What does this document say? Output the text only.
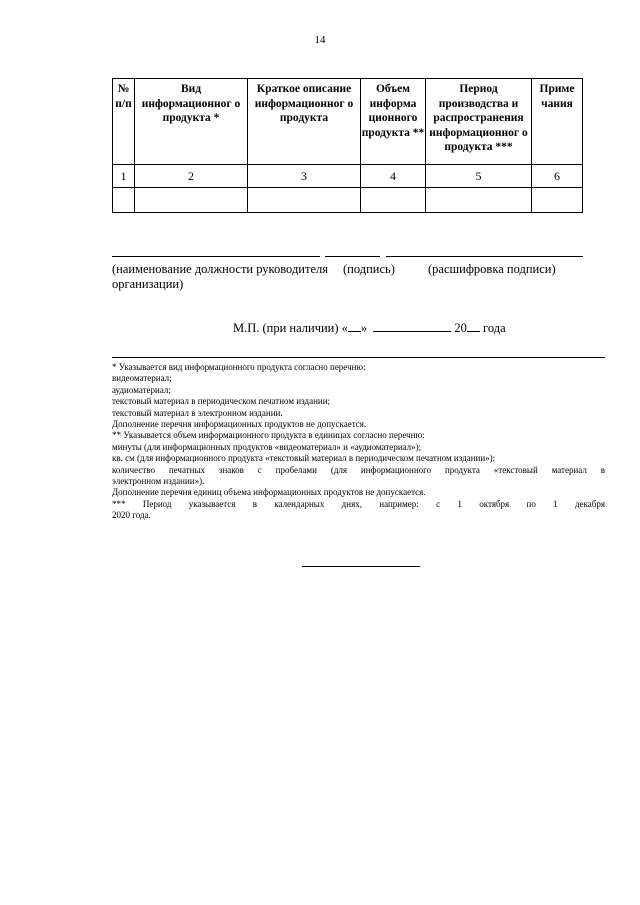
14
№ п/п	Вид информационног о продукта *	Краткое описание информационног о продукта	Объем информа ционного продукта **	Период производства и распространения информационног о продукта ***	Приме чания
1	2	3	4	5	6

(наименование должности руководителя (подпись)	(расшифровка подписи)
организации)
М.П. (при наличии) « »	20 года

* Указывается вид информационного продукта согласно перечню:

видеоматериал;

аудиоматериал;

текстовый материал в периодическом печатном издании;

текстовый материал в электронном издании.

Дополнение перечня информационных продуктов не допускается.

** Указывается объем информационного продукта в единицах согласно перечню:

минуты (для информационных продуктов «видеоматериал» и «аудиоматериал»);

кв. см (для информационного продукта «текстовый материал в периодическом печатном издании»);

количество печатных знаков с пробелами (для информационного продукта «текстовый материал в

электронном издании»).

Дополнение перечня единиц объема информационных продуктов не допускается.

*** Период указывается в календарных днях, например: с 1 октября по 1 декабря

2020 года.
